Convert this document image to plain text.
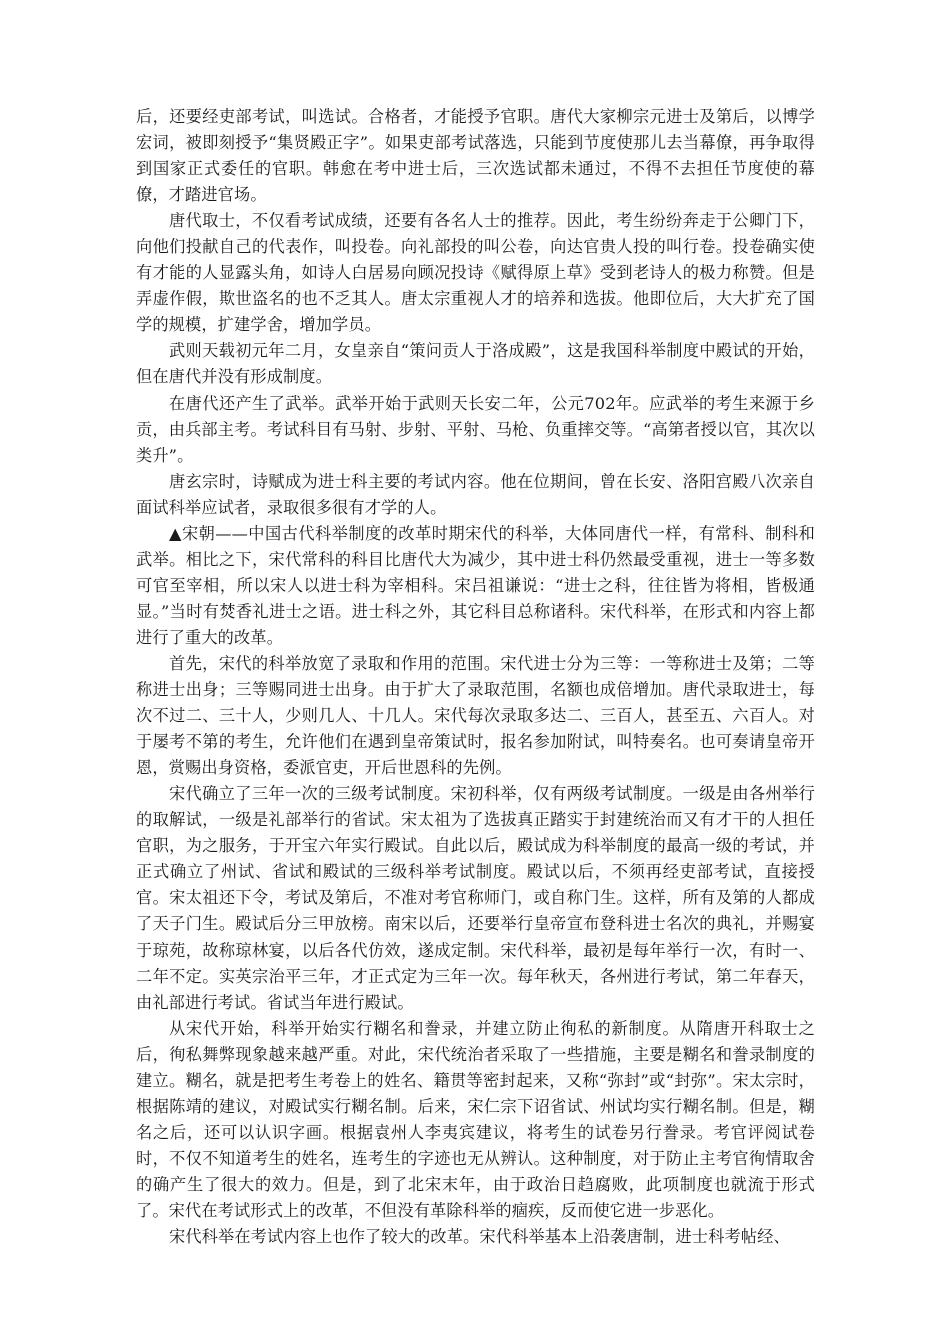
后，还要经吏部考试，叫选试。合格者，才能授予官职。唐代大家柳宗元进士及第后，以博学宏词，被即刻授予“集贤殿正字”。如果吏部考试落选，只能到节度使那儿去当幕僚，再争取得到国家正式委任的官职。韩愈在考中进士后，三次选试都未通过，不得不去担任节度使的幕僚，才踏进官场。

唐代取士，不仅看考试成绩，还要有各名人士的推荐。因此，考生纷纷奔走于公卿门下，向他们投献自己的代表作，叫投卷。向礼部投的叫公卷，向达官贵人投的叫行卷。投卷确实使有才能的人显露头角，如诗人白居易向顾况投诗《赋得原上草》受到老诗人的极力称赞。但是弄虚作假，欺世盗名的也不乏其人。唐太宗重视人才的培养和选拔。他即位后，大大扩充了国学的规模，扩建学舍，增加学员。

武则天载初元年二月，女皇亲自“策问贡人于洛成殿”，这是我国科举制度中殿试的开始，但在唐代并没有形成制度。

在唐代还产生了武举。武举开始于武则天长安二年，公元702年。应武举的考生来源于乡贡，由兵部主考。考试科目有马射、步射、平射、马枪、负重摔交等。“高第者授以官，其次以类升”。

唐玄宗时，诗赋成为进士科主要的考试内容。他在位期间，曾在长安、洛阳宫殿八次亲自面试科举应试者，录取很多很有才学的人。

▲宋朝——中国古代科举制度的改革时期宋代的科举，大体同唐代一样，有常科、制科和武举。相比之下，宋代常科的科目比唐代大为减少，其中进士科仍然最受重视，进士一等多数可官至宰相，所以宋人以进士科为宰相科。宋吕祖谦说：“进士之科，往往皆为将相，皆极通显。”当时有焚香礼进士之语。进士科之外，其它科目总称诸科。宋代科举，在形式和内容上都进行了重大的改革。

首先，宋代的科举放宽了录取和作用的范围。宋代进士分为三等：一等称进士及第；二等称进士出身；三等赐同进士出身。由于扩大了录取范围，名额也成倍增加。唐代录取进士，每次不过二、三十人，少则几人、十几人。宋代每次录取多达二、三百人，甚至五、六百人。对于屡考不第的考生，允许他们在遇到皇帝策试时，报名参加附试，叫特奏名。也可奏请皇帝开恩，赏赐出身资格，委派官吏，开后世恩科的先例。

宋代确立了三年一次的三级考试制度。宋初科举，仅有两级考试制度。一级是由各州举行的取解试，一级是礼部举行的省试。宋太祖为了选拔真正踏实于封建统治而又有才干的人担任官职，为之服务，于开宝六年实行殿试。自此以后，殿试成为科举制度的最高一级的考试，并正式确立了州试、省试和殿试的三级科举考试制度。殿试以后，不须再经吏部考试，直接授官。宋太祖还下令，考试及第后，不准对考官称师门，或自称门生。这样，所有及第的人都成了天子门生。殿试后分三甲放榜。南宋以后，还要举行皇帝宣布登科进士名次的典礼，并赐宴于琼苑，故称琼林宴，以后各代仿效，遂成定制。宋代科举，最初是每年举行一次，有时一、二年不定。实英宗治平三年，才正式定为三年一次。每年秋天，各州进行考试，第二年春天，由礼部进行考试。省试当年进行殿试。

从宋代开始，科举开始实行糊名和誊录，并建立防止徇私的新制度。从隋唐开科取士之后，徇私舞弊现象越来越严重。对此，宋代统治者采取了一些措施，主要是糊名和誊录制度的建立。糊名，就是把考生考卷上的姓名、籍贯等密封起来，又称“弥封”或“封弥”。宋太宗时，根据陈靖的建议，对殿试实行糊名制。后来，宋仁宗下诏省试、州试均实行糊名制。但是，糊名之后，还可以认识字画。根据袁州人李夷宾建议，将考生的试卷另行誊录。考官评阅试卷时，不仅不知道考生的姓名，连考生的字迹也无从辨认。这种制度，对于防止主考官徇情取舍的确产生了很大的效力。但是，到了北宋末年，由于政治日趋腐败，此项制度也就流于形式了。宋代在考试形式上的改革，不但没有革除科举的痼疾，反而使它进一步恶化。

宋代科举在考试内容上也作了较大的改革。宋代科举基本上沿袭唐制，进士科考帖经、
